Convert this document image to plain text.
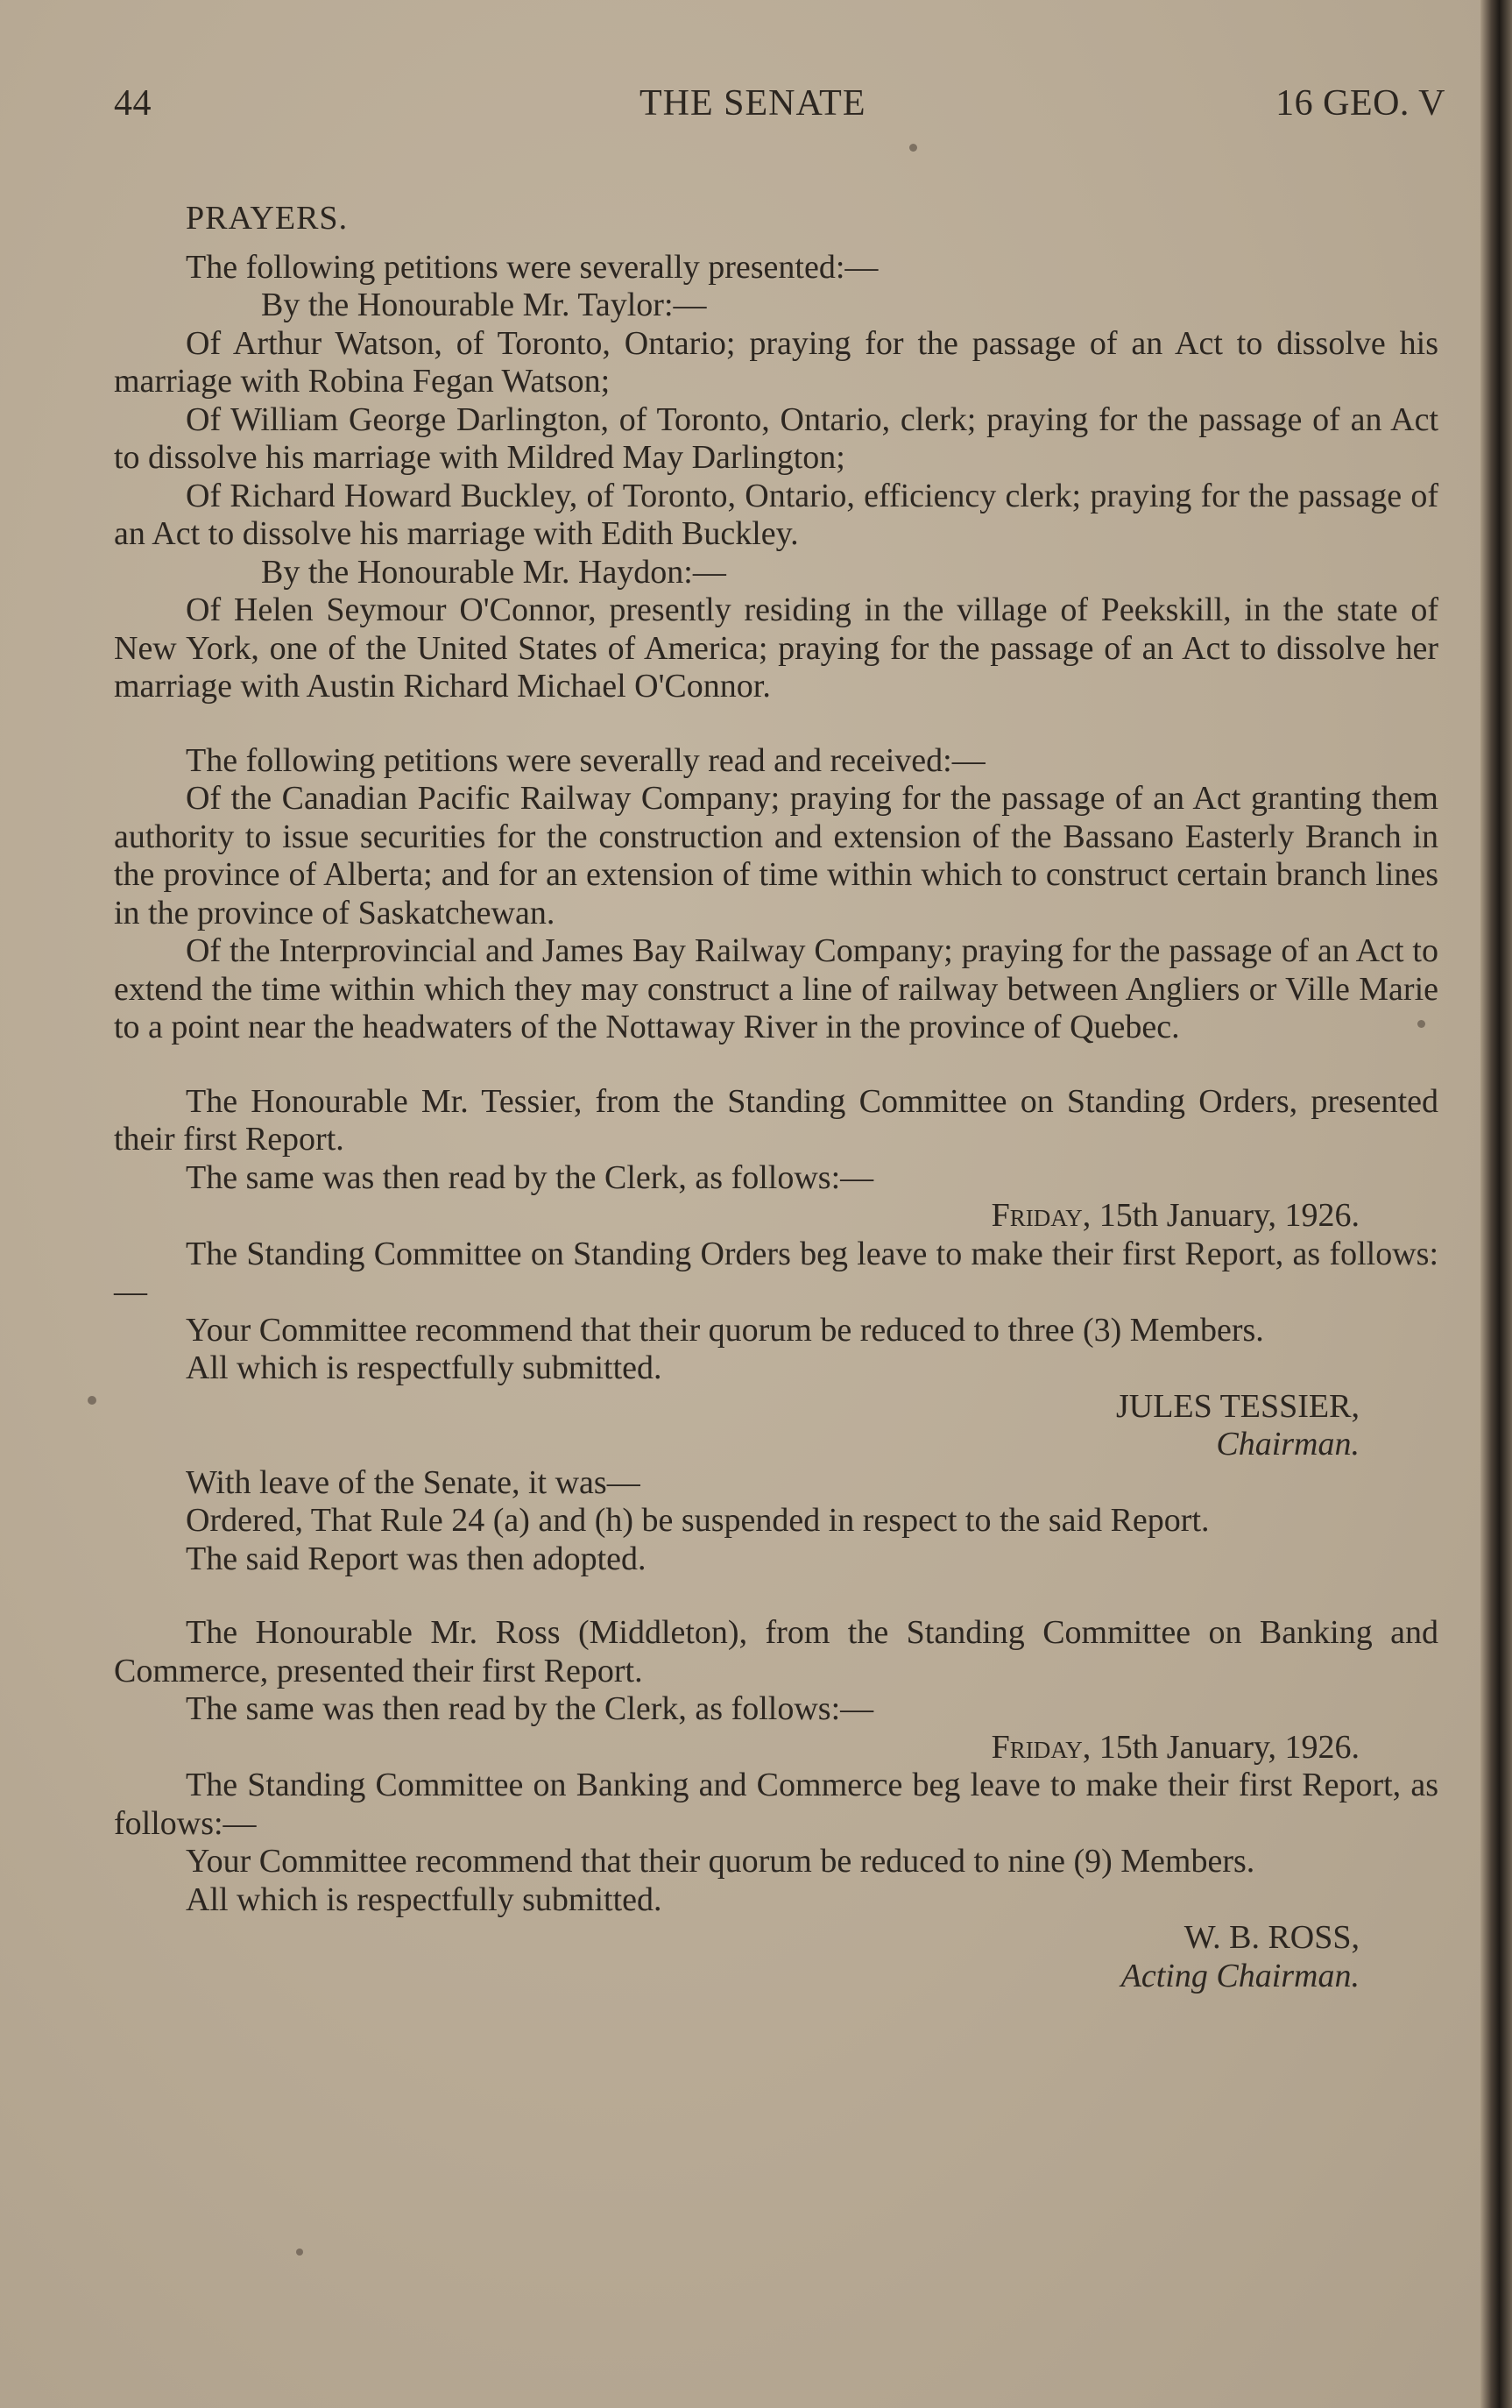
44	THE SENATE	16 GEO. V

PRAYERS.

The following petitions were severally presented:—

By the Honourable Mr. Taylor:—

Of Arthur Watson, of Toronto, Ontario; praying for the passage of an Act to dissolve his marriage with Robina Fegan Watson;

Of William George Darlington, of Toronto, Ontario, clerk; praying for the passage of an Act to dissolve his marriage with Mildred May Darlington;

Of Richard Howard Buckley, of Toronto, Ontario, efficiency clerk; praying for the passage of an Act to dissolve his marriage with Edith Buckley.

By the Honourable Mr. Haydon:—

Of Helen Seymour O'Connor, presently residing in the village of Peekskill, in the state of New York, one of the United States of America; praying for the passage of an Act to dissolve her marriage with Austin Richard Michael O'Connor.

The following petitions were severally read and received:—

Of the Canadian Pacific Railway Company; praying for the passage of an Act granting them authority to issue securities for the construction and extension of the Bassano Easterly Branch in the province of Alberta; and for an extension of time within which to construct certain branch lines in the province of Saskatchewan.

Of the Interprovincial and James Bay Railway Company; praying for the passage of an Act to extend the time within which they may construct a line of railway between Angliers or Ville Marie to a point near the headwaters of the Nottaway River in the province of Quebec.

The Honourable Mr. Tessier, from the Standing Committee on Standing Orders, presented their first Report.

The same was then read by the Clerk, as follows:—

Friday, 15th January, 1926.

The Standing Committee on Standing Orders beg leave to make their first Report, as follows:—

Your Committee recommend that their quorum be reduced to three (3) Members.

All which is respectfully submitted.

JULES TESSIER,

Chairman.

With leave of the Senate, it was—

Ordered, That Rule 24 (a) and (h) be suspended in respect to the said Report.

The said Report was then adopted.

The Honourable Mr. Ross (Middleton), from the Standing Committee on Banking and Commerce, presented their first Report.

The same was then read by the Clerk, as follows:—

Friday, 15th January, 1926.

The Standing Committee on Banking and Commerce beg leave to make their first Report, as follows:—

Your Committee recommend that their quorum be reduced to nine (9) Members.

All which is respectfully submitted.

W. B. ROSS,

Acting Chairman.
